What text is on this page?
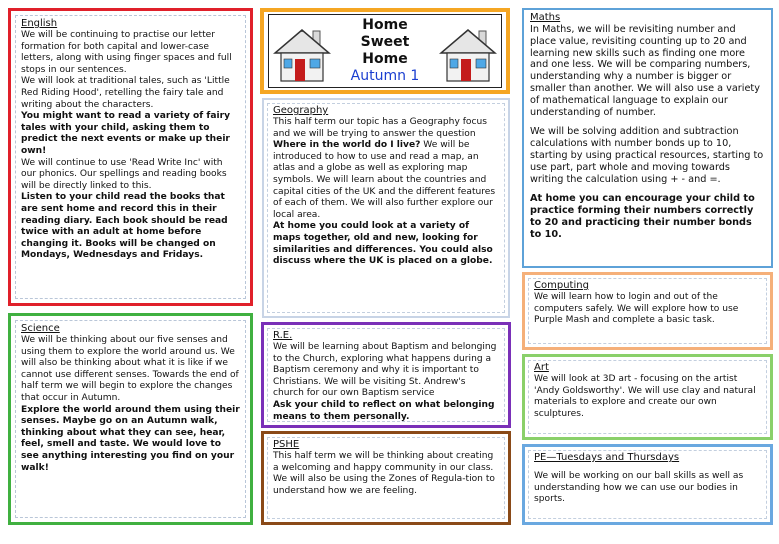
English

We will be continuing to practise our letter formation for both capital and lower-case letters, along with using finger spaces and full stops in our sentences.

We will look at traditional tales, such as 'Little Red Riding Hood', retelling the fairy tale and writing about the characters.

You might want to read a variety of fairy tales with your child, asking them to predict the next events or make up their own!

We will continue to use 'Read Write Inc' with our phonics. Our spellings and reading books will be directly linked to this.

Listen to your child read the books that are sent home and record this in their reading diary. Each book should be read twice with an adult at home before changing it. Books will be changed on Mondays, Wednesdays and Fridays.

Science

We will be thinking about our five senses and using them to explore the world around us. We will also be thinking about what it is like if we cannot use different senses. Towards the end of half term we will begin to explore the changes that occur in Autumn.

Explore the world around them using their senses. Maybe go on an Autumn walk, thinking about what they can see, hear, feel, smell and taste. We would love to see anything interesting you find on your walk!

Home
Sweet
Home
Autumn 1
Geography

This half term our topic has a Geography focus and we will be trying to answer the question Where in the world do I live? We will be introduced to how to use and read a map, an atlas and a globe as well as exploring map symbols. We will learn about the countries and capital cities of the UK and the different features of each of them. We will also further explore our local area.

At home you could look at a variety of maps together, old and new, looking for similarities and differences. You could also discuss where the UK is placed on a globe.

R.E.

We will be learning about Baptism and belonging to the Church, exploring what happens during a Baptism ceremony and why it is important to Christians. We will be visiting St. Andrew's church for our own Baptism service

Ask your child to reflect on what belonging means to them personally.

PSHE

This half term we will be thinking about creating a welcoming and happy community in our class.

We will also be using the Zones of Regula-tion to understand how we are feeling.

Maths

In Maths, we will be revisiting number and place value, revisiting counting up to 20 and learning new skills such as finding one more and one less. We will be comparing numbers, understanding why a number is bigger or smaller than another. We will also use a variety of mathematical language to explain our understanding of number.

We will be solving addition and subtraction calculations with number bonds up to 10, starting by using practical resources, starting to use part, part whole and moving towards writing the calculation using + - and =.

At home you can encourage your child to practice forming their numbers correctly to 20 and practicing their number bonds to 10.

Computing

We will learn how to login and out of the computers safely. We will explore how to use Purple Mash and complete a basic task.

Art

We will look at 3D art - focusing on the artist 'Andy Goldsworthy'. We will use clay and natural materials to explore and create our own sculptures.

PE—Tuesdays and Thursdays

We will be working on our ball skills as well as understanding how we can use our bodies in sports.
